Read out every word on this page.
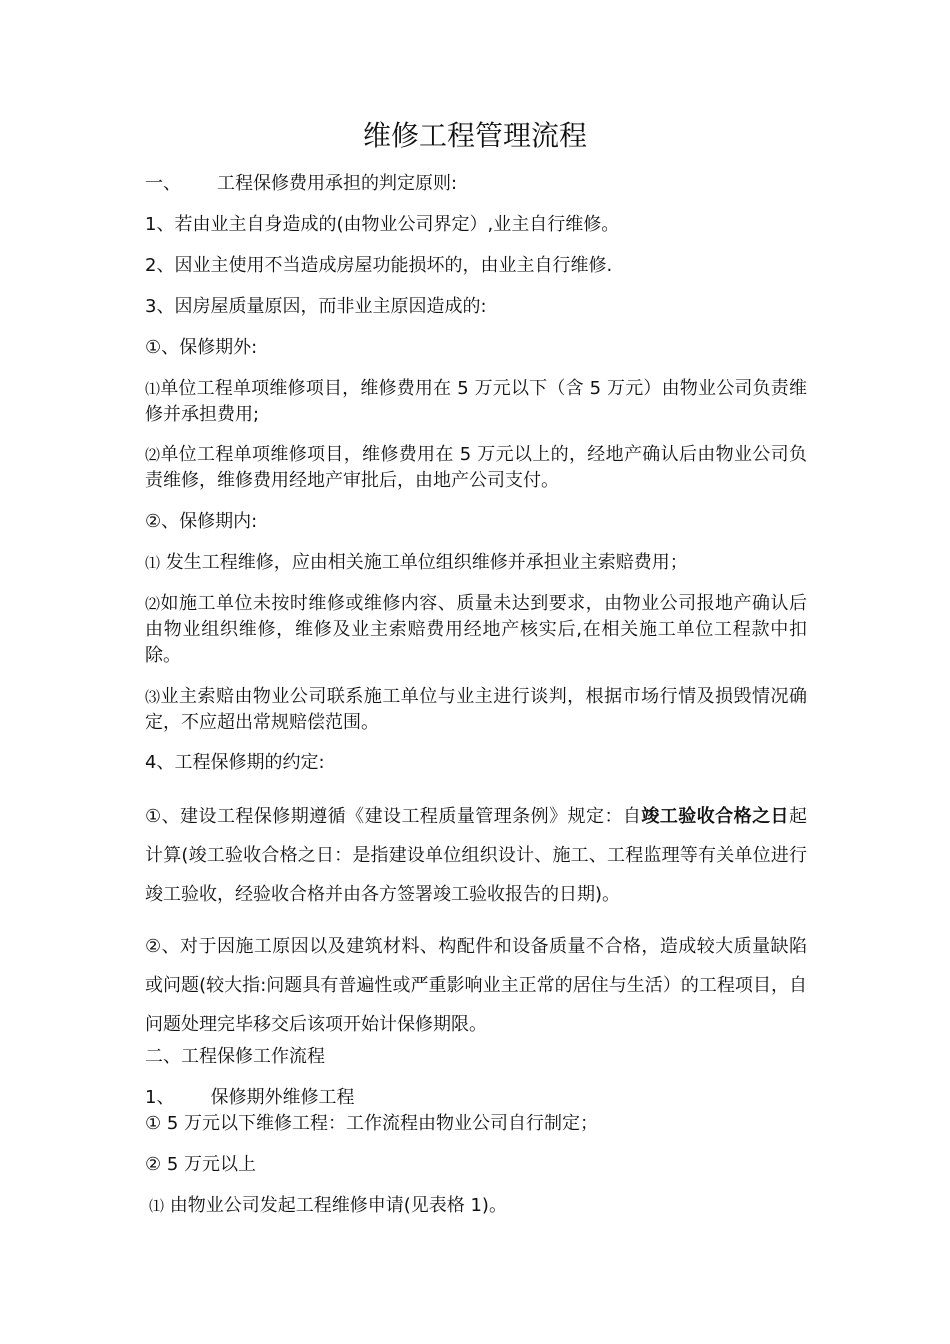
维修工程管理流程
一、 工程保修费用承担的判定原则:
1、若由业主自身造成的(由物业公司界定）,业主自行维修。
2、因业主使用不当造成房屋功能损坏的，由业主自行维修.
3、因房屋质量原因，而非业主原因造成的:
①、保修期外:
⑴单位工程单项维修项目，维修费用在 5 万元以下（含 5 万元）由物业公司负责维修并承担费用;
⑵单位工程单项维修项目，维修费用在 5 万元以上的，经地产确认后由物业公司负责维修，维修费用经地产审批后，由地产公司支付。
②、保修期内:
⑴ 发生工程维修，应由相关施工单位组织维修并承担业主索赔费用；
⑵如施工单位未按时维修或维修内容、质量未达到要求，由物业公司报地产确认后由物业组织维修，维修及业主索赔费用经地产核实后,在相关施工单位工程款中扣除。
⑶业主索赔由物业公司联系施工单位与业主进行谈判，根据市场行情及损毁情况确定，不应超出常规赔偿范围。
4、工程保修期的约定:
①、建设工程保修期遵循《建设工程质量管理条例》规定：自竣工验收合格之日起计算(竣工验收合格之日：是指建设单位组织设计、施工、工程监理等有关单位进行竣工验收，经验收合格并由各方签署竣工验收报告的日期)。
②、对于因施工原因以及建筑材料、构配件和设备质量不合格，造成较大质量缺陷或问题(较大指:问题具有普遍性或严重影响业主正常的居住与生活）的工程项目，自问题处理完毕移交后该项开始计保修期限。
二、工程保修工作流程
1、 保修期外维修工程
① 5 万元以下维修工程：工作流程由物业公司自行制定；
② 5 万元以上
⑴ 由物业公司发起工程维修申请(见表格 1)。
